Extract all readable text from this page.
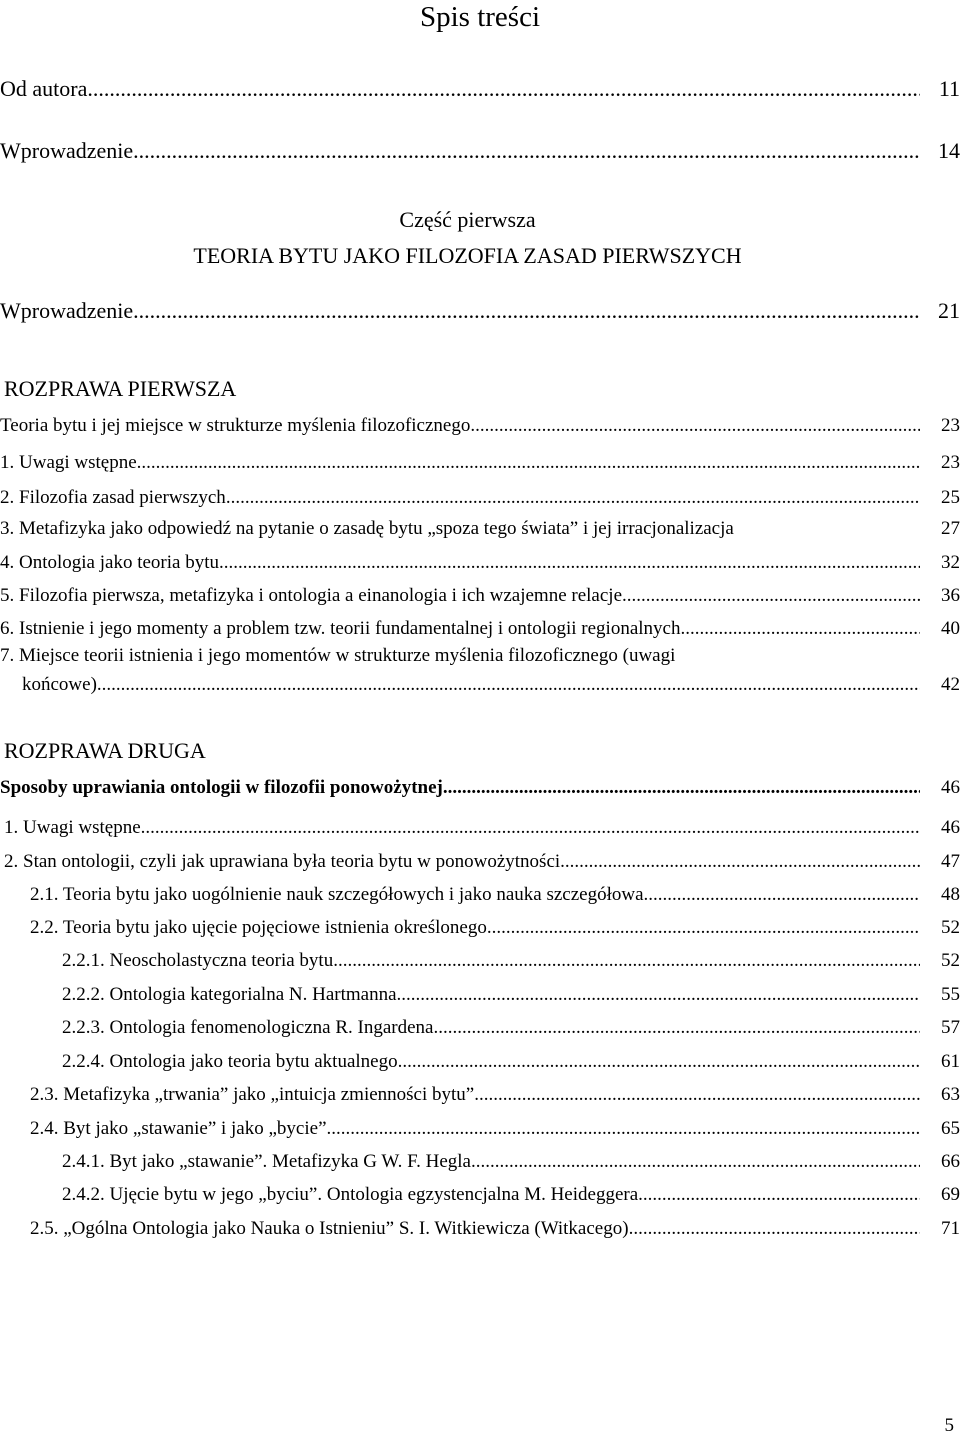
Spis treści
Od autora .....	11
Wprowadzenie .....	14
Część pierwsza
TEORIA BYTU JAKO FILOZOFIA ZASAD PIERWSZYCH
Wprowadzenie .....	21
ROZPRAWA PIERWSZA
Teoria bytu i jej miejsce w strukturze myślenia filozoficznego .....	23
1. Uwagi wstępne .....	23
2. Filozofia zasad pierwszych .....	25
3. Metafizyka jako odpowiedź na pytanie o zasadę bytu „spoza tego świata” i jej irracjonalizacja	27
4. Ontologia jako teoria bytu .....	32
5. Filozofia pierwsza, metafizyka i ontologia a einanologia i ich wzajemne relacje .....	36
6. Istnienie i jego momenty a problem tzw. teorii fundamentalnej i ontologii regionalnych .....	40
7. Miejsce teorii istnienia i jego momentów w strukturze myślenia filozoficznego (uwagi
końcowe) .....	42
ROZPRAWA DRUGA
Sposoby uprawiania ontologii w filozofii ponowożytnej .....	46
1. Uwagi wstępne .....	46
2. Stan ontologii, czyli jak uprawiana była teoria bytu w ponowożytności .....	47
2.1. Teoria bytu jako uogólnienie nauk szczegółowych i jako nauka szczegółowa .....	48
2.2. Teoria bytu jako ujęcie pojęciowe istnienia określonego .....	52
2.2.1. Neoscholastyczna teoria bytu .....	52
2.2.2. Ontologia kategorialna N. Hartmanna .....	55
2.2.3. Ontologia fenomenologiczna R. Ingardena .....	57
2.2.4. Ontologia jako teoria bytu aktualnego .....	61
2.3. Metafizyka „trwania” jako „intuicja zmienności bytu” .....	63
2.4. Byt jako „stawanie” i jako „bycie” .....	65
2.4.1. Byt jako „stawanie”. Metafizyka G W. F. Hegla .....	66
2.4.2. Ujęcie bytu w jego „byciu”. Ontologia egzystencjalna M. Heideggera .....	69
2.5. „Ogólna Ontologia jako Nauka o Istnieniu” S. I. Witkiewicza (Witkacego) .....	71
5
